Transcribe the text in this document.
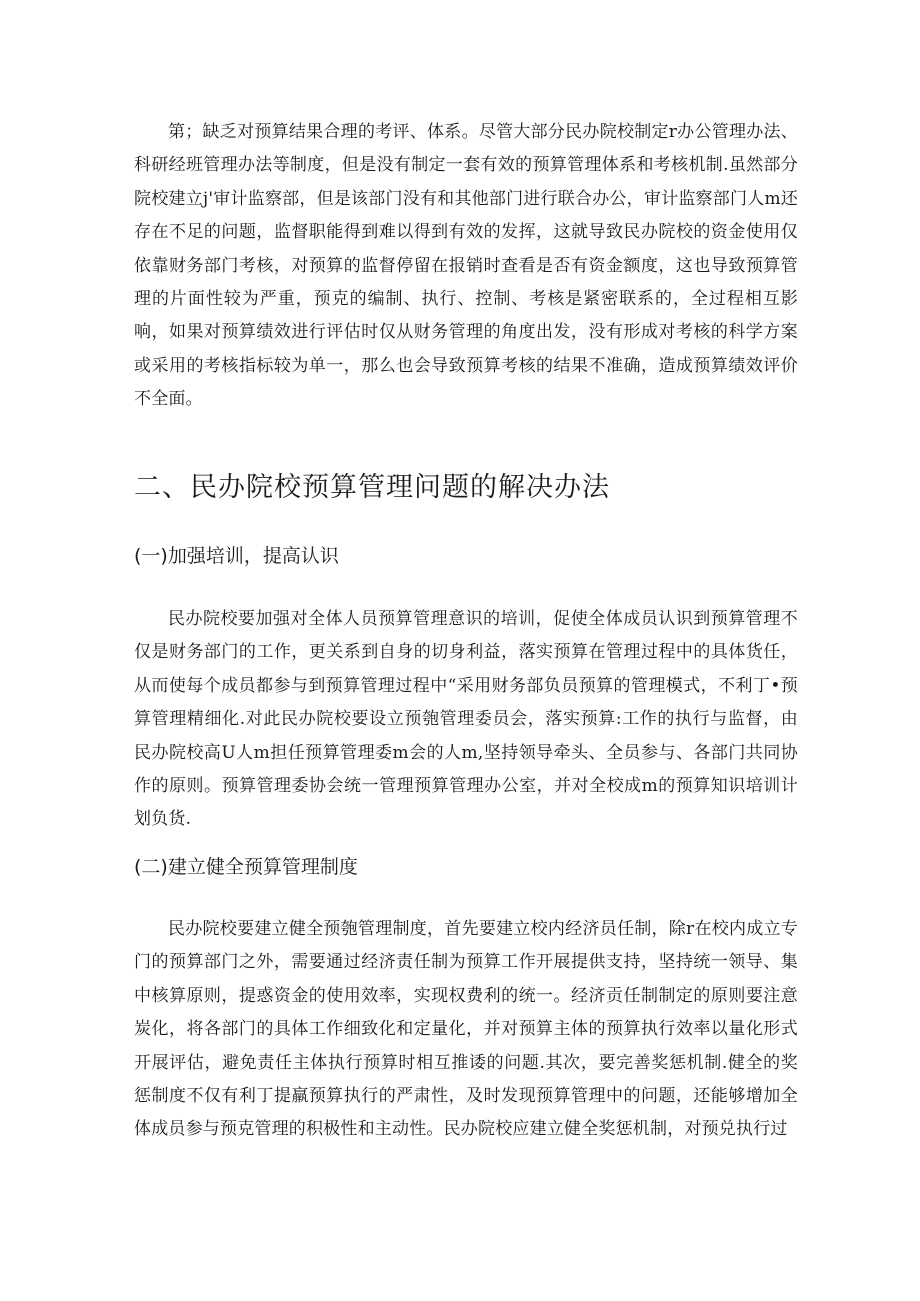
第；缺乏对预算结果合理的考评、体系。尽管大部分民办院校制定r办公管理办法、科研经班管理办法等制度，但是没有制定一套有效的预算管理体系和考核机制.虽然部分院校建立j'审计监察部，但是该部门没有和其他部门进行联合办公，审计监察部门人m还存在不足的问题，监督职能得到难以得到有效的发挥，这就导致民办院校的资金使用仅依靠财务部门考核，对预算的监督停留在报销时查看是否有资金额度，这也导致预算管理的片面性较为严重，预克的编制、执行、控制、考核是紧密联系的，全过程相互影响，如果对预算绩效进行评估时仅从财务管理的角度出发，没有形成对考核的科学方案或采用的考核指标较为单一，那么也会导致预算考核的结果不准确，造成预算绩效评价不全面。

二、民办院校预算管理问题的解决办法
(一)加强培训，提高认识

民办院校要加强对全体人员预算管理意识的培训，促使全体成员认识到预算管理不仅是财务部门的工作，更关系到自身的切身利益，落实预算在管理过程中的具体货任，从而使每个成员都参与到预算管理过程中“采用财务部负员预算的管理模式，不利丁•预算管理精细化.对此民办院校要设立预匏管理委员会，落实预算:工作的执行与监督，由民办院校高U人m担任预算管理委m会的人m,坚持领导牵头、全员参与、各部门共同协作的原则。预算管理委协会统一管理预算管理办公室，并对全校成m的预算知识培训计划负货.

(二)建立健全预算管理制度

民办院校要建立健全预匏管理制度，首先要建立校内经济员任制，除r在校内成立专门的预算部门之外，需要通过经济责任制为预算工作开展提供支持，坚持统一领导、集中核算原则，提惑资金的使用效率，实现权费利的统一。经济贡任制制定的原则要注意炭化，将各部门的具体工作细致化和定量化，并对预算主体的预算执行效率以量化形式开展评估，避免责任主体执行预算时相互推诿的问题.其次，要完善奖惩机制.健全的奖惩制度不仅有利丁提羸预算执行的严肃性，及时发现预算管理中的问题，还能够增加全体成员参与预克管理的积极性和主动性。民办院校应建立健全奖惩机制，对预兑执行过
